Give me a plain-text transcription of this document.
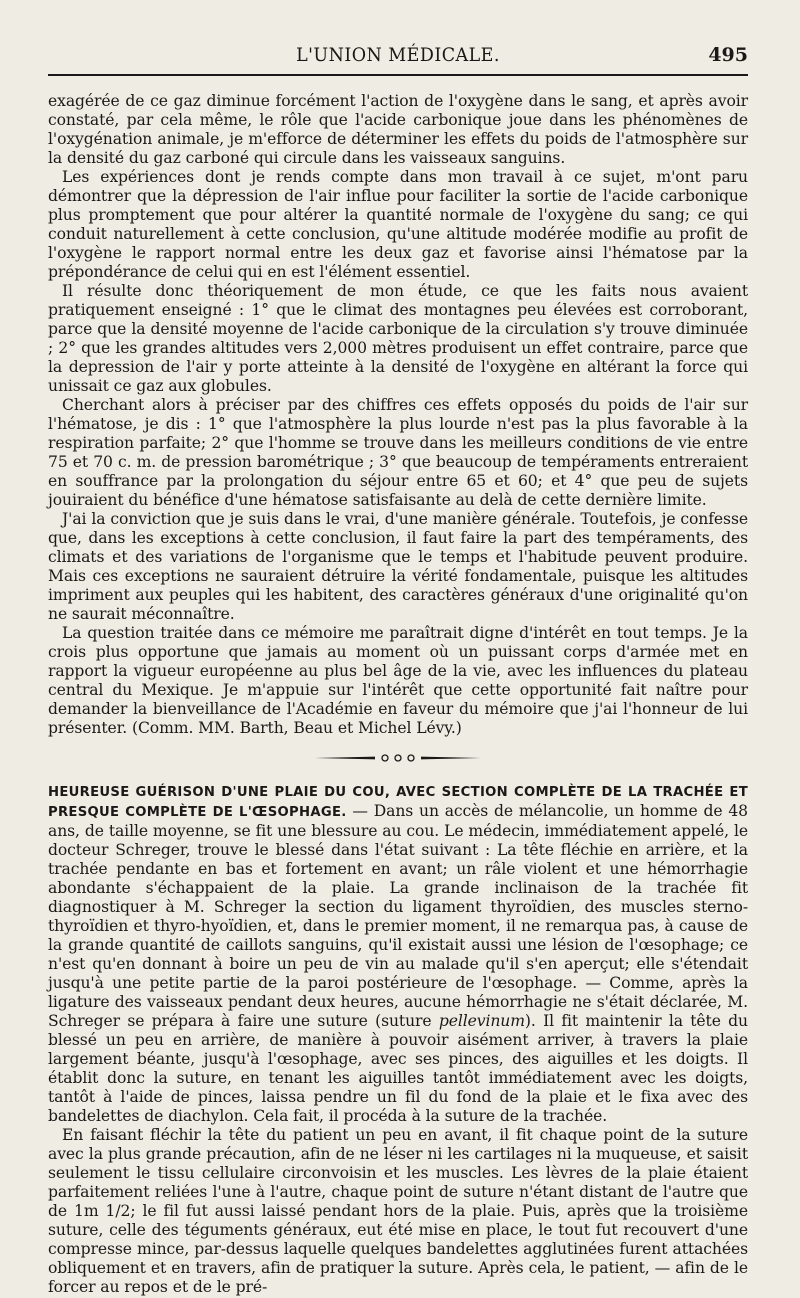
L'UNION MÉDICALE.	495

exagérée de ce gaz diminue forcément l'action de l'oxygène dans le sang, et après avoir constaté, par cela même, le rôle que l'acide carbonique joue dans les phénomènes de l'oxygénation animale, je m'efforce de déterminer les effets du poids de l'atmosphère sur la densité du gaz carboné qui circule dans les vaisseaux sanguins.

Les expériences dont je rends compte dans mon travail à ce sujet, m'ont paru démontrer que la dépression de l'air influe pour faciliter la sortie de l'acide carbonique plus promptement que pour altérer la quantité normale de l'oxygène du sang; ce qui conduit naturellement à cette conclusion, qu'une altitude modérée modifie au profit de l'oxygène le rapport normal entre les deux gaz et favorise ainsi l'hématose par la prépondérance de celui qui en est l'élément essentiel.

Il résulte donc théoriquement de mon étude, ce que les faits nous avaient pratiquement enseigné : 1° que le climat des montagnes peu élevées est corroborant, parce que la densité moyenne de l'acide carbonique de la circulation s'y trouve diminuée ; 2° que les grandes altitudes vers 2,000 mètres produisent un effet contraire, parce que la depression de l'air y porte atteinte à la densité de l'oxygène en altérant la force qui unissait ce gaz aux globules.

Cherchant alors à préciser par des chiffres ces effets opposés du poids de l'air sur l'hématose, je dis : 1° que l'atmosphère la plus lourde n'est pas la plus favorable à la respiration parfaite; 2° que l'homme se trouve dans les meilleurs conditions de vie entre 75 et 70 c. m. de pression barométrique ; 3° que beaucoup de tempéraments entreraient en souffrance par la prolongation du séjour entre 65 et 60; et 4° que peu de sujets jouiraient du bénéfice d'une hématose satisfaisante au delà de cette dernière limite.

J'ai la conviction que je suis dans le vrai, d'une manière générale. Toutefois, je confesse que, dans les exceptions à cette conclusion, il faut faire la part des tempéraments, des climats et des variations de l'organisme que le temps et l'habitude peuvent produire. Mais ces exceptions ne sauraient détruire la vérité fondamentale, puisque les altitudes impriment aux peuples qui les habitent, des caractères généraux d'une originalité qu'on ne saurait méconnaître.

La question traitée dans ce mémoire me paraîtrait digne d'intérêt en tout temps. Je la crois plus opportune que jamais au moment où un puissant corps d'armée met en rapport la vigueur européenne au plus bel âge de la vie, avec les influences du plateau central du Mexique. Je m'appuie sur l'intérêt que cette opportunité fait naître pour demander la bienveillance de l'Académie en faveur du mémoire que j'ai l'honneur de lui présenter. (Comm. MM. Barth, Beau et Michel Lévy.)

HEUREUSE GUÉRISON D'UNE PLAIE DU COU, AVEC SECTION COMPLÈTE DE LA TRACHÉE ET PRESQUE COMPLÈTE DE L'ŒSOPHAGE. — Dans un accès de mélancolie, un homme de 48 ans, de taille moyenne, se fit une blessure au cou. Le médecin, immédiatement appelé, le docteur Schreger, trouve le blessé dans l'état suivant : La tête fléchie en arrière, et la trachée pendante en bas et fortement en avant; un râle violent et une hémorrhagie abondante s'échappaient de la plaie. La grande inclinaison de la trachée fit diagnostiquer à M. Schreger la section du ligament thyroïdien, des muscles sterno-thyroïdien et thyro-hyoïdien, et, dans le premier moment, il ne remarqua pas, à cause de la grande quantité de caillots sanguins, qu'il existait aussi une lésion de l'œsophage; ce n'est qu'en donnant à boire un peu de vin au malade qu'il s'en aperçut; elle s'étendait jusqu'à une petite partie de la paroi postérieure de l'œsophage. — Comme, après la ligature des vaisseaux pendant deux heures, aucune hémorrhagie ne s'était déclarée, M. Schreger se prépara à faire une suture (suture pellevinum). Il fit maintenir la tête du blessé un peu en arrière, de manière à pouvoir aisément arriver, à travers la plaie largement béante, jusqu'à l'œsophage, avec ses pinces, des aiguilles et les doigts. Il établit donc la suture, en tenant les aiguilles tantôt immédiatement avec les doigts, tantôt à l'aide de pinces, laissa pendre un fil du fond de la plaie et le fixa avec des bandelettes de diachylon. Cela fait, il procéda à la suture de la trachée.

En faisant fléchir la tête du patient un peu en avant, il fit chaque point de la suture avec la plus grande précaution, afin de ne léser ni les cartilages ni la muqueuse, et saisit seulement le tissu cellulaire circonvoisin et les muscles. Les lèvres de la plaie étaient parfaitement reliées l'une à l'autre, chaque point de suture n'étant distant de l'autre que de 1m 1/2; le fil fut aussi laissé pendant hors de la plaie. Puis, après que la troisième suture, celle des téguments généraux, eut été mise en place, le tout fut recouvert d'une compresse mince, par-dessus laquelle quelques bandelettes agglutinées furent attachées obliquement et en travers, afin de pratiquer la suture. Après cela, le patient, — afin de le forcer au repos et de le pré-
